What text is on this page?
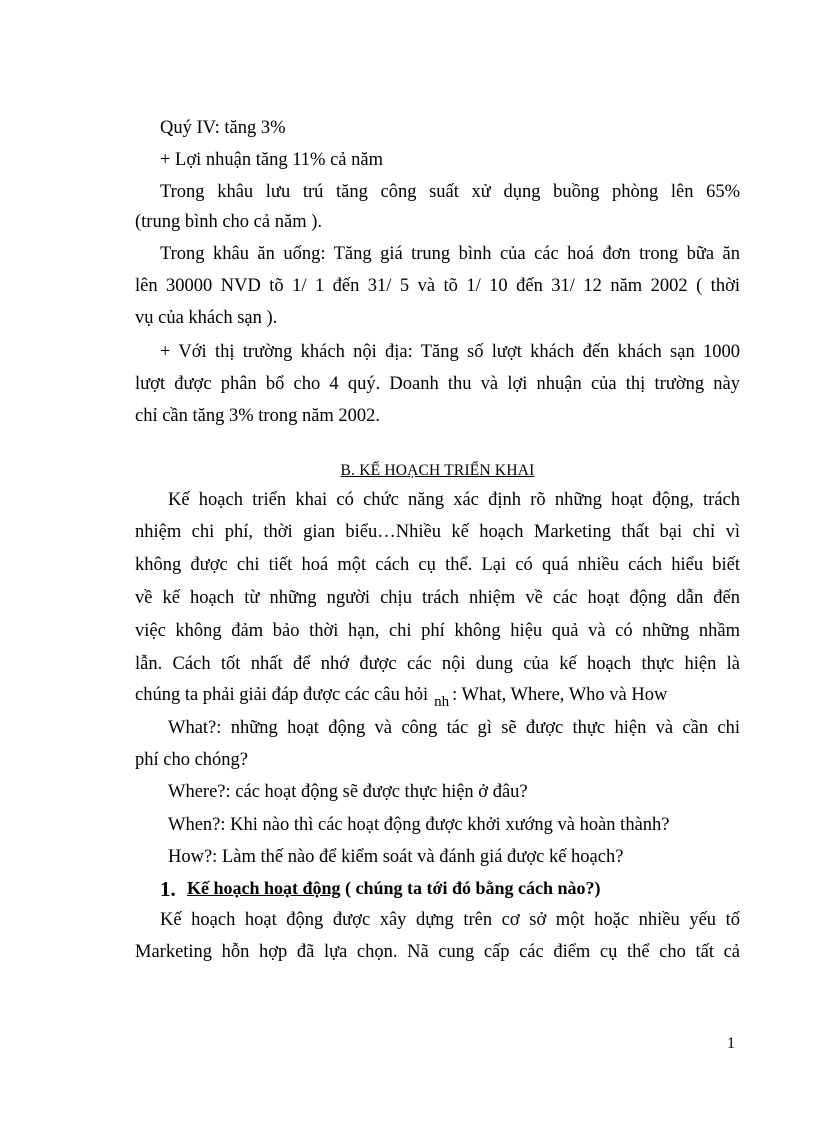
Quý IV: tăng 3%
+ Lợi nhuận tăng 11% cả năm
Trong khâu lưu trú tăng công suất xử dụng buồng phòng lên 65%
(trung bình cho cả năm ).
Trong khâu ăn uống: Tăng giá trung bình của các hoá đơn trong bữa ăn
lên 30000 NVD tõ 1/ 1 đến 31/ 5 và tõ 1/ 10 đến 31/ 12 năm 2002 ( thời
vụ của khách sạn ).
+ Với thị trường khách nội địa: Tăng số lượt khách đến khách sạn 1000
lượt được phân bổ cho 4 quý. Doanh thu và lợi nhuận của thị trường này
chỉ cần tăng 3% trong năm 2002.
B. KẾ HOẠCH TRIỂN KHAI
Kế hoạch triển khai có chức năng xác định rõ những hoạt động, trách
nhiệm chi phí, thời gian biểu…Nhiều kế hoạch Marketing thất bại chỉ vì
không được chi tiết hoá một cách cụ thể. Lại có quá nhiều cách hiểu biết
về kế hoạch từ những người chịu trách nhiệm về các hoạt động dẫn đến
việc không đảm bảo thời hạn, chi phí không hiệu quả và có những nhầm
lẫn. Cách tốt nhất để nhớ được các nội dung của kế hoạch thực hiện là
chúng ta phải giải đáp được các câu hỏi $_{nh}$ : What, Where, Who và How
What?: những hoạt động và công tác gì sẽ được thực hiện và cần chi
phí cho chóng?
Where?: các hoạt động sẽ được thực hiện ở đâu?
When?: Khi nào thì các hoạt động được khởi xướng và hoàn thành?
How?: Làm thế nào để kiểm soát và đánh giá được kế hoạch?
1. Kế hoạch hoạt động ( chúng ta tới đó bằng cách nào?)
Kế hoạch hoạt động được xây dựng trên cơ sở một hoặc nhiều yếu tố
Marketing hỗn hợp đã lựa chọn. Nã cung cấp các điểm cụ thể cho tất cả
1
